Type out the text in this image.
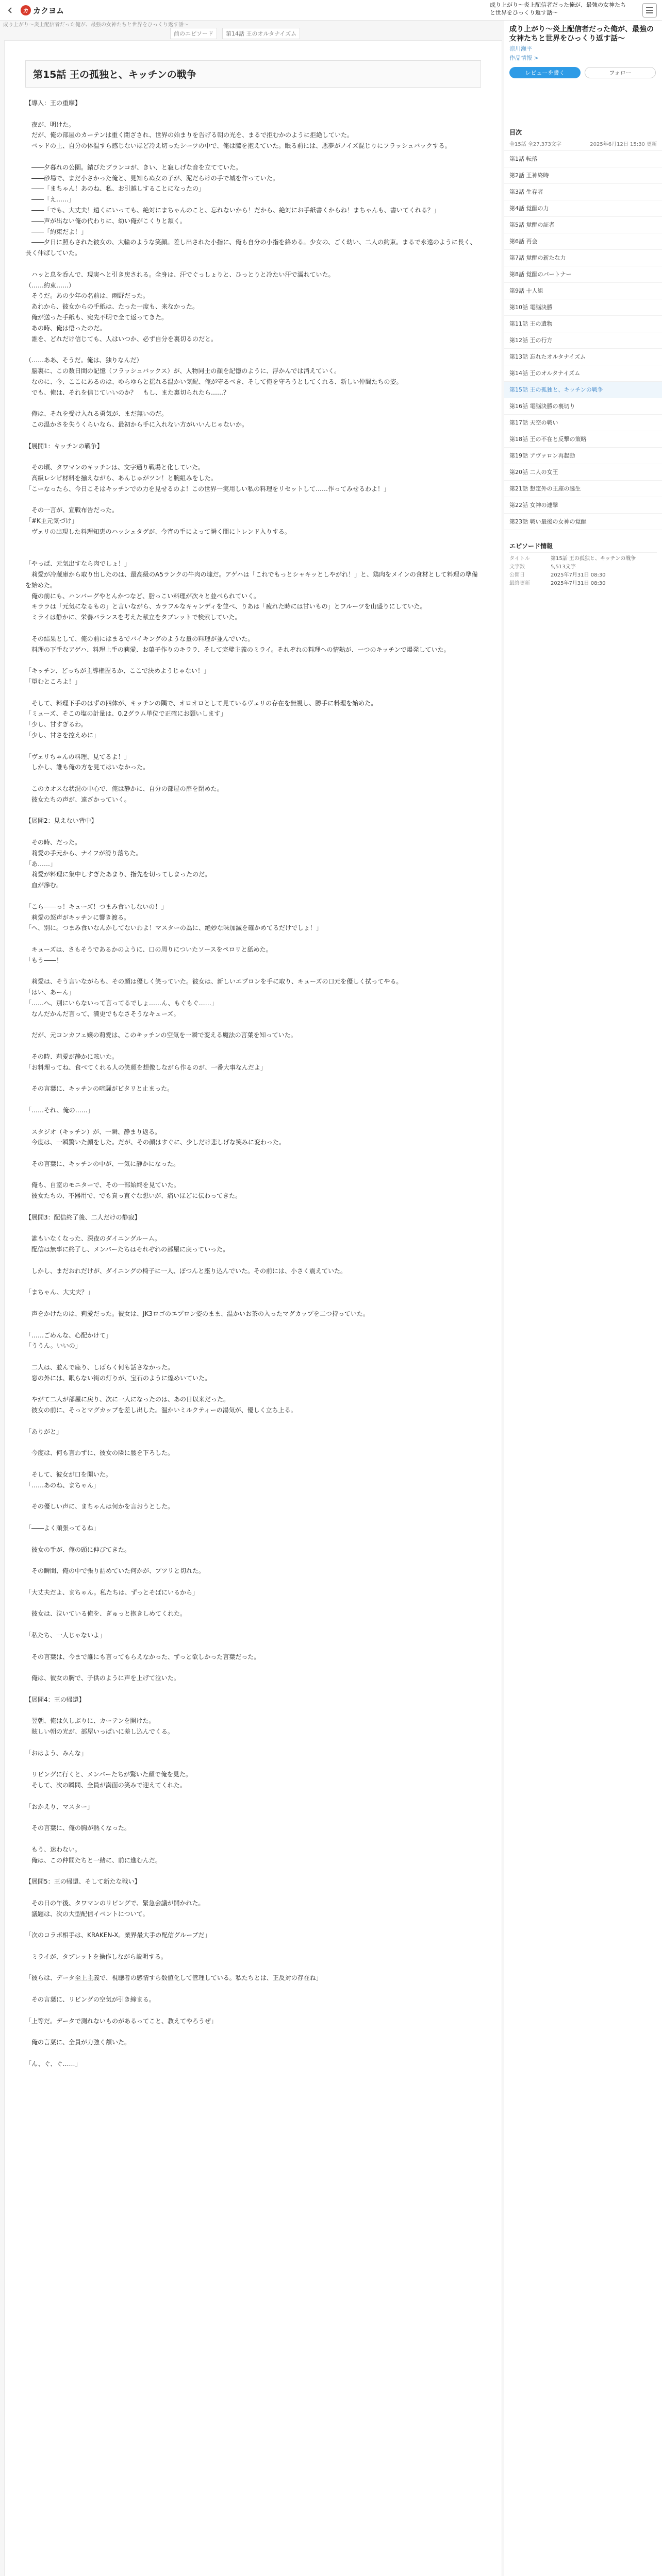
カ カクヨム
成り上がり〜炎上配信者だった俺が、最強の女神たちと世界をひっくり返す話〜
成り上がり〜炎上配信者だった俺が、最強の女神たちと世界をひっくり返す話〜
前のエピソード	第14話 王のオルタナイズム
第15話 王の孤独と、キッチンの戦争

【導入：王の重摩】

　夜が、明けた。

　だが、俺の部屋のカーテンは重く閉ざされ、世界の始まりを告げる朝の光を、まるで拒むかのように拒絶していた。

　ベッドの上、自分の体温すら感じないほど冷え切ったシーツの中で、俺は膝を抱えていた。眠る前には、悪夢がノイズ混じりにフラッシュバックする。

　――夕暮れの公園。錆びたブランコが、きい、と寂しげな音を立てていた。

　――砂場で、まだ小さかった俺と、見知らぬ女の子が、泥だらけの手で城を作っていた。

　――「まちゃん！あのね、私、お引越しすることになったの」

　――「え……」

　――「でも、大丈夫！遠くにいっても、絶対にまちゃんのこと、忘れないから！だから、絶対にお手紙書くからね！まちゃんも、書いてくれる？」

　――声が出ない俺の代わりに、幼い俺がこくりと頷く。

　――「約束だよ！」

　――夕日に照らされた彼女の、大輪のような笑顔。差し出された小指に、俺も自分の小指を絡める。少女の、ごく幼い、二人の約束。まるで永遠のように長く、長く伸ばしていた。

　ハッと息を呑んで、現実へと引き戻される。全身は、汗でぐっしょりと、ひっとりと冷たい汗で濡れていた。

（……約束……）

　そうだ。あの少年の名前は、雨野だった。

　あれから、彼女からの手紙は、たった一度も、来なかった。

　俺が送った手紙も、宛先不明で全て返ってきた。

　あの時、俺は悟ったのだ。

　誰を、どれだけ信じても、人はいつか、必ず自分を裏切るのだと。

（……ああ、そうだ。俺は、独りなんだ）

　脳裏に、この数日間の記憶（フラッシュバックス）が、人物同士の顔を記憶のように、浮かんでは消えていく。

　なのに、今、ここにあるのは、ゆらゆらと揺れる温かい気配、俺が守るべき、そして俺を守ろうとしてくれる、新しい仲間たちの姿。

　でも、俺は、それを信じていいのか？　もし、また裏切られたら……？

　俺は、それを受け入れる勇気が、まだ無いのだ。

　この温かさを失うくらいなら、最初から手に入れない方がいいんじゃないか。

【展開1：キッチンの戦争】

　その頃、タワマンのキッチンは、文字通り戦場と化していた。

　高級レシピ材料を揃えながら、あんじゅがツン！と腕組みをした。

「こーなったら、今日こそはキッチンでの力を見せるのよ！この世界一実用しい私の料理をリセットして……作ってみせるわよ！」

　その一言が、宣戦布告だった。

「#K主元気づけ」

　ヴェリの出現した料理知恵のハッシュタグが、今宵の手によって瞬く間にトレンド入りする。

「やっぱ、元気出すなら肉でしょ！」

　莉愛が冷蔵庫から取り出したのは、最高級のA5ランクの牛肉の塊だ。アゲハは「これでもっとシャキッとしやがれ！」と、鶏肉をメインの食材として料理の準備を始めた。

　俺の前にも、ハンバーグやとんかつなど、脂っこい料理が次々と並べられていく。

　キララは「元気になるもの」と言いながら、カラフルなキャンディを並べ、りあは「疲れた時には甘いもの」とフルーツを山盛りにしていた。

　ミライは静かに、栄養バランスを考えた献立をタブレットで検索していた。

　その結果として、俺の前にはまるでバイキングのような量の料理が並んでいた。

　料理の下手なアゲハ、料理上手の莉愛、お菓子作りのキララ、そして完璧主義のミライ。それぞれの料理への情熱が、一つのキッチンで爆発していた。

「キッチン、どっちが主導権握るか、ここで決めようじゃない！」

「望むところよ！」

　そして、料理下手のはずの四体が、キッチンの隅で、オロオロとして見ているヴェリの存在を無視し、勝手に料理を始めた。

「ミューズ、そこの塩の計量は、0.2グラム単位で正確にお願いします」

「少し、甘すぎるわ。

「少し、甘さを控えめに」

「ヴェリちゃんの料理、見てるよ！」

　しかし、誰も俺の方を見てはいなかった。

　このカオスな状況の中心で、俺は静かに、自分の部屋の扉を閉めた。

　彼女たちの声が、遠ざかっていく。

【展開2：見えない背中】

　その時、だった。

　莉愛の手元から、ナイフが滑り落ちた。

「あ……」

　莉愛が料理に集中しすぎたあまり、指先を切ってしまったのだ。

　血が滲む。

「こら――っ！キューズ！つまみ食いしないの！」

　莉愛の怒声がキッチンに響き渡る。

「へ、別に。つまみ食いなんかしてないわよ！マスターの為に、絶妙な味加減を確かめてるだけでしょ！」

　キューズは、さもそうであるかのように、口の周りについたソースをペロリと舐めた。

「もう――！

　莉愛は、そう言いながらも、その顔は優しく笑っていた。彼女は、新しいエプロンを手に取り、キューズの口元を優しく拭ってやる。

「はい、あーん」

「……へ、別にいらないって言ってるでしょ……ん、もぐもぐ……」

　なんだかんだ言って、満更でもなさそうなキューズ。

　だが、元コンカフェ嬢の莉愛は、このキッチンの空気を一瞬で変える魔法の言葉を知っていた。

　その時、莉愛が静かに呟いた。

「お料理ってね、食べてくれる人の笑顔を想像しながら作るのが、一番大事なんだよ」

　その言葉に、キッチンの喧騒がピタリと止まった。

「……それ、俺の……」

　スタジオ（キッチン）が、一瞬、静まり返る。

　今度は、一瞬驚いた顔をした。だが、その顔はすぐに、少しだけ悲しげな笑みに変わった。

　その言葉に、キッチンの中が、一気に静かになった。

　俺も、自室のモニターで、その一部始終を見ていた。

　彼女たちの、不器用で、でも真っ直ぐな想いが、痛いほどに伝わってきた。

【展開3：配信終了後、二人だけの静寂】

　誰もいなくなった、深夜のダイニングルーム。

　配信は無事に終了し、メンバーたちはそれぞれの部屋に戻っていった。

　しかし、まだおれだけが、ダイニングの椅子に一人、ぽつんと座り込んでいた。その前には、小さく震えていた。

「まちゃん、大丈夫？」

　声をかけたのは、莉愛だった。彼女は、JK3ロゴのエプロン姿のまま、温かいお茶の入ったマグカップを二つ持っていた。

「……ごめんな、心配かけて」

「ううん。いいの」

　二人は、並んで座り、しばらく何も話さなかった。

　窓の外には、眠らない街の灯りが、宝石のように煌めいていた。

　やがて二人が部屋に戻り、次に一人になったのは、あの日以来だった。

　彼女の前に、そっとマグカップを差し出した。温かいミルクティーの湯気が、優しく立ち上る。

「ありがと」

　今度は、何も言わずに、彼女の隣に腰を下ろした。

　そして、彼女が口を開いた。

「……あのね、まちゃん」

　その優しい声に、まちゃんは何かを言おうとした。

「――よく頑張ってるね」

　彼女の手が、俺の頭に伸びてきた。

　その瞬間、俺の中で張り詰めていた何かが、プツリと切れた。

「大丈夫だよ、まちゃん。私たちは、ずっとそばにいるから」

　彼女は、泣いている俺を、ぎゅっと抱きしめてくれた。

「私たち、一人じゃないよ」

　その言葉は、今まで誰にも言ってもらえなかった、ずっと欲しかった言葉だった。

　俺は、彼女の胸で、子供のように声を上げて泣いた。

【展開4：王の帰還】

　翌朝、俺は久しぶりに、カーテンを開けた。

　眩しい朝の光が、部屋いっぱいに差し込んでくる。

「おはよう、みんな」

　リビングに行くと、メンバーたちが驚いた顔で俺を見た。

　そして、次の瞬間、全員が満面の笑みで迎えてくれた。

「おかえり、マスター」

　その言葉に、俺の胸が熱くなった。

　もう、迷わない。

　俺は、この仲間たちと一緒に、前に進むんだ。

【展開5：王の帰還、そして新たな戦い】

　その日の午後、タワマンのリビングで、緊急会議が開かれた。

　議題は、次の大型配信イベントについて。

「次のコラボ相手は、KRAKEN-X。業界最大手の配信グループだ」

　ミライが、タブレットを操作しながら説明する。

「彼らは、データ至上主義で、視聴者の感情すら数値化して管理している。私たちとは、正反対の存在ね」

　その言葉に、リビングの空気が引き締まる。

「上等だ。データで測れないものがあるってこと、教えてやろうぜ」

　俺の言葉に、全員が力強く頷いた。

「ん、ぐ、ぐ……」

成り上がり〜炎上配信者だった俺が、最強の女神たちと世界をひっくり返す話〜
涼川瀬平
作品情報 >
レビューを書く	フォロー
目次
全15話 全27,373文字	2025年6月12日 15:30 更新
第1話 転落
第2話 王神終時
第3話 生存者
第4話 覚醒の力
第5話 覚醒の証者
第6話 再会
第7話 覚醒の新たな力
第8話 覚醒のパートナー
第9話 十人組
第10話 電脳決勝
第11話 王の遺物
第12話 王の行方
第13話 忘れたオルタナイズム
第14話 王のオルタナイズム
第15話 王の孤独と、キッチンの戦争
第16話 電脳決勝の裏切り
第17話 天空の戦い
第18話 王の不在と反撃の策略
第19話 アヴァロン再起動
第20話 二人の女王
第21話 想定外の王座の誕生
第22話 女神の連撃
第23話 戦い最後の女神の覚醒
エピソード情報
タイトル	第15話 王の孤独と、キッチンの戦争
文字数	5,513文字
公開日	2025年7月31日 08:30
最終更新	2025年7月31日 08:30
